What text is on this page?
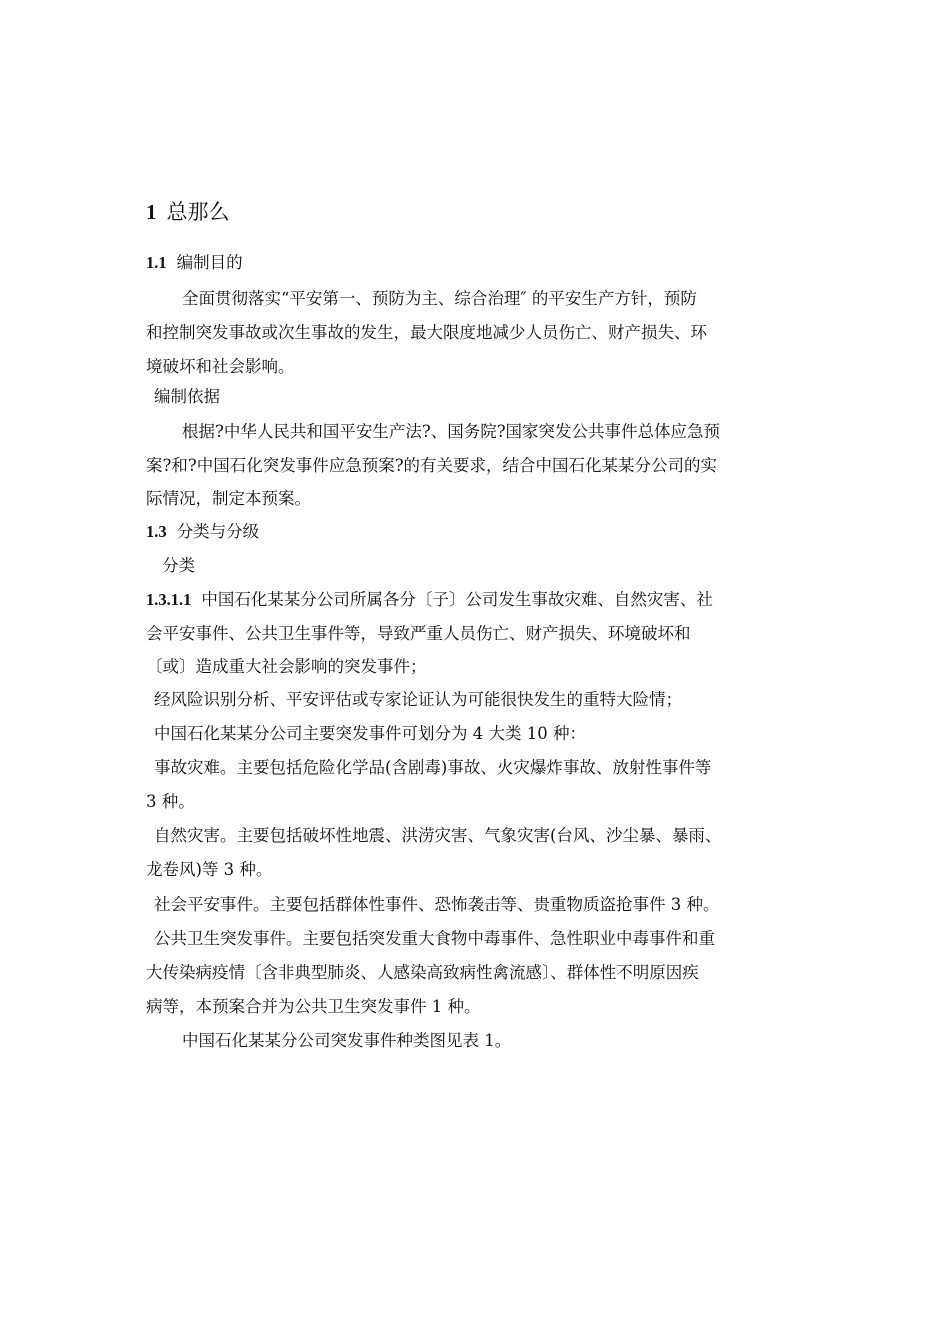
1 总那么
1.1 编制目的
全面贯彻落实“平安第一、预防为主、综合治理″ 的平安生产方针，预防
和控制突发事故或次生事故的发生，最大限度地减少人员伤亡、财产损失、环
境破坏和社会影响。
编制依据
根据?中华人民共和国平安生产法?、国务院?国家突发公共事件总体应急预
案?和?中国石化突发事件应急预案?的有关要求，结合中国石化某某分公司的实
际情况，制定本预案。
1.3 分类与分级
分类
1.3.1.1 中国石化某某分公司所属各分〔子〕公司发生事故灾难、自然灾害、社
会平安事件、公共卫生事件等，导致严重人员伤亡、财产损失、环境破坏和
〔或〕造成重大社会影响的突发事件；
经风险识别分析、平安评估或专家论证认为可能很快发生的重特大险情；
中国石化某某分公司主要突发事件可划分为 4 大类 10 种：
事故灾难。主要包括危险化学品(含剧毒)事故、火灾爆炸事故、放射性事件等
3 种。
自然灾害。主要包括破坏性地震、洪涝灾害、气象灾害(台风、沙尘暴、暴雨、
龙卷风)等 3 种。
社会平安事件。主要包括群体性事件、恐怖袭击等、贵重物质盗抢事件 3 种。
公共卫生突发事件。主要包括突发重大食物中毒事件、急性职业中毒事件和重
大传染病疫情〔含非典型肺炎、人感染高致病性禽流感〕、群体性不明原因疾
病等，本预案合并为公共卫生突发事件 1 种。
中国石化某某分公司突发事件种类图见表 1。
